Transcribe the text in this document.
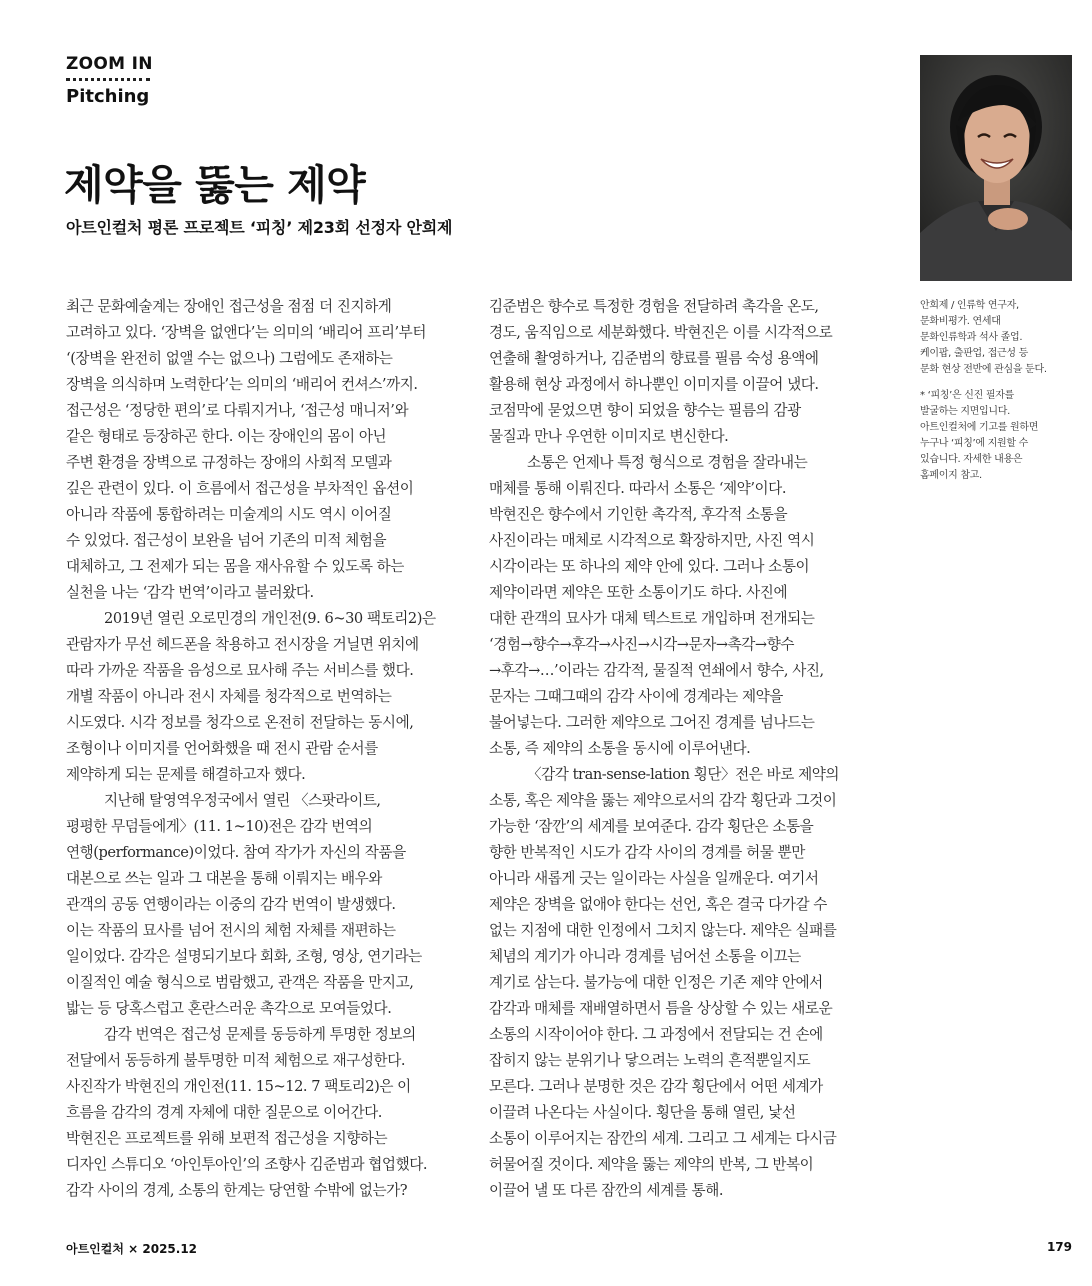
ZOOM IN
Pitching
제약을 뚫는 제약
아트인컬처 평론 프로젝트 ‘피칭’ 제23회 선정자 안희제

안희제 / 인류학 연구자,

문화비평가. 연세대

문화인류학과 석사 졸업.

케이팝, 출판업, 접근성 등

문화 현상 전반에 관심을 둔다.

* ‘피칭’은 신진 필자를

발굴하는 지면입니다.

아트인컬처에 기고를 원하면

누구나 ‘피칭’에 지원할 수

있습니다. 자세한 내용은

홈페이지 참고.

최근 문화예술계는 장애인 접근성을 점점 더 진지하게

고려하고 있다. ‘장벽을 없앤다’는 의미의 ‘배리어 프리’부터

‘(장벽을 완전히 없앨 수는 없으나) 그럼에도 존재하는

장벽을 의식하며 노력한다’는 의미의 ‘배리어 컨셔스’까지.

접근성은 ‘정당한 편의’로 다뤄지거나, ‘접근성 매니저’와

같은 형태로 등장하곤 한다. 이는 장애인의 몸이 아닌

주변 환경을 장벽으로 규정하는 장애의 사회적 모델과

깊은 관련이 있다. 이 흐름에서 접근성을 부차적인 옵션이

아니라 작품에 통합하려는 미술계의 시도 역시 이어질

수 있었다. 접근성이 보완을 넘어 기존의 미적 체험을

대체하고, 그 전제가 되는 몸을 재사유할 수 있도록 하는

실천을 나는 ‘감각 번역’이라고 불러왔다.

2019년 열린 오로민경의 개인전(9. 6~30 팩토리2)은

관람자가 무선 헤드폰을 착용하고 전시장을 거닐면 위치에

따라 가까운 작품을 음성으로 묘사해 주는 서비스를 했다.

개별 작품이 아니라 전시 자체를 청각적으로 번역하는

시도였다. 시각 정보를 청각으로 온전히 전달하는 동시에,

조형이나 이미지를 언어화했을 때 전시 관람 순서를

제약하게 되는 문제를 해결하고자 했다.

지난해 탈영역우정국에서 열린 〈스팟라이트,

평평한 무덤들에게〉(11. 1~10)전은 감각 번역의

연행(performance)이었다. 참여 작가가 자신의 작품을

대본으로 쓰는 일과 그 대본을 통해 이뤄지는 배우와

관객의 공동 연행이라는 이중의 감각 번역이 발생했다.

이는 작품의 묘사를 넘어 전시의 체험 자체를 재편하는

일이었다. 감각은 설명되기보다 회화, 조형, 영상, 연기라는

이질적인 예술 형식으로 범람했고, 관객은 작품을 만지고,

밟는 등 당혹스럽고 혼란스러운 촉각으로 모여들었다.

감각 번역은 접근성 문제를 동등하게 투명한 정보의

전달에서 동등하게 불투명한 미적 체험으로 재구성한다.

사진작가 박현진의 개인전(11. 15~12. 7 팩토리2)은 이

흐름을 감각의 경계 자체에 대한 질문으로 이어간다.

박현진은 프로젝트를 위해 보편적 접근성을 지향하는

디자인 스튜디오 ‘아인투아인’의 조향사 김준범과 협업했다.

감각 사이의 경계, 소통의 한계는 당연할 수밖에 없는가?

김준범은 향수로 특정한 경험을 전달하려 촉각을 온도,

경도, 움직임으로 세분화했다. 박현진은 이를 시각적으로

연출해 촬영하거나, 김준범의 향료를 필름 숙성 용액에

활용해 현상 과정에서 하나뿐인 이미지를 이끌어 냈다.

코점막에 묻었으면 향이 되었을 향수는 필름의 감광

물질과 만나 우연한 이미지로 변신한다.

소통은 언제나 특정 형식으로 경험을 잘라내는

매체를 통해 이뤄진다. 따라서 소통은 ‘제약’이다.

박현진은 향수에서 기인한 촉각적, 후각적 소통을

사진이라는 매체로 시각적으로 확장하지만, 사진 역시

시각이라는 또 하나의 제약 안에 있다. 그러나 소통이

제약이라면 제약은 또한 소통이기도 하다. 사진에

대한 관객의 묘사가 대체 텍스트로 개입하며 전개되는

‘경험→향수→후각→사진→시각→문자→촉각→향수

→후각→…’이라는 감각적, 물질적 연쇄에서 향수, 사진,

문자는 그때그때의 감각 사이에 경계라는 제약을

불어넣는다. 그러한 제약으로 그어진 경계를 넘나드는

소통, 즉 제약의 소통을 동시에 이루어낸다.

〈감각 tran-sense-lation 횡단〉전은 바로 제약의

소통, 혹은 제약을 뚫는 제약으로서의 감각 횡단과 그것이

가능한 ‘잠깐’의 세계를 보여준다. 감각 횡단은 소통을

향한 반복적인 시도가 감각 사이의 경계를 허물 뿐만

아니라 새롭게 긋는 일이라는 사실을 일깨운다. 여기서

제약은 장벽을 없애야 한다는 선언, 혹은 결국 다가갈 수

없는 지점에 대한 인정에서 그치지 않는다. 제약은 실패를

체념의 계기가 아니라 경계를 넘어선 소통을 이끄는

계기로 삼는다. 불가능에 대한 인정은 기존 제약 안에서

감각과 매체를 재배열하면서 틈을 상상할 수 있는 새로운

소통의 시작이어야 한다. 그 과정에서 전달되는 건 손에

잡히지 않는 분위기나 닿으려는 노력의 흔적뿐일지도

모른다. 그러나 분명한 것은 감각 횡단에서 어떤 세계가

이끌려 나온다는 사실이다. 횡단을 통해 열린, 낯선

소통이 이루어지는 잠깐의 세계. 그리고 그 세계는 다시금

허물어질 것이다. 제약을 뚫는 제약의 반복, 그 반복이

이끌어 낼 또 다른 잠깐의 세계를 통해.

아트인컬처 × 2025.12	179
